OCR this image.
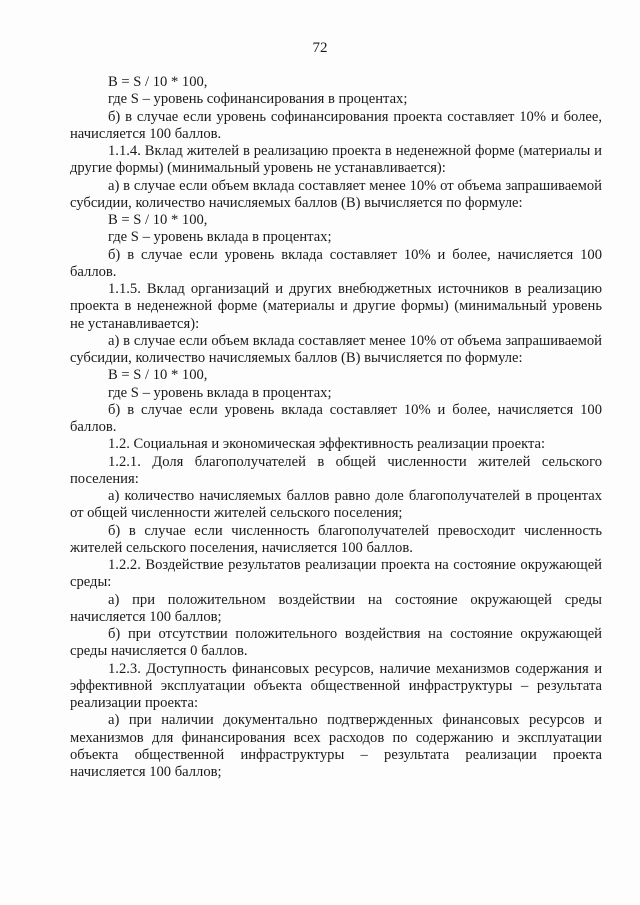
72

B = S / 10 * 100,

где S – уровень софинансирования в процентах;

б) в случае если уровень софинансирования проекта составляет 10% и более, начисляется 100 баллов.

1.1.4. Вклад жителей в реализацию проекта в неденежной форме (материалы и другие формы) (минимальный уровень не устанавливается):

а) в случае если объем вклада составляет менее 10% от объема запрашиваемой субсидии, количество начисляемых баллов (B) вычисляется по формуле:

B = S / 10 * 100,

где S – уровень вклада в процентах;

б) в случае если уровень вклада составляет 10% и более, начисляется 100 баллов.

1.1.5. Вклад организаций и других внебюджетных источников в реализацию проекта в неденежной форме (материалы и другие формы) (минимальный уровень не устанавливается):

а) в случае если объем вклада составляет менее 10% от объема запрашиваемой субсидии, количество начисляемых баллов (B) вычисляется по формуле:

B = S / 10 * 100,

где S – уровень вклада в процентах;

б) в случае если уровень вклада составляет 10% и более, начисляется 100 баллов.

1.2. Социальная и экономическая эффективность реализации проекта:

1.2.1. Доля благополучателей в общей численности жителей сельского поселения:

а) количество начисляемых баллов равно доле благополучателей в процентах от общей численности жителей сельского поселения;

б) в случае если численность благополучателей превосходит численность жителей сельского поселения, начисляется 100 баллов.

1.2.2. Воздействие результатов реализации проекта на состояние окружающей среды:

а) при положительном воздействии на состояние окружающей среды начисляется 100 баллов;

б) при отсутствии положительного воздействия на состояние окружающей среды начисляется 0 баллов.

1.2.3. Доступность финансовых ресурсов, наличие механизмов содержания и эффективной эксплуатации объекта общественной инфраструктуры – результата реализации проекта:

а) при наличии документально подтвержденных финансовых ресурсов и механизмов для финансирования всех расходов по содержанию и эксплуатации объекта общественной инфраструктуры – результата реализации проекта начисляется 100 баллов;
